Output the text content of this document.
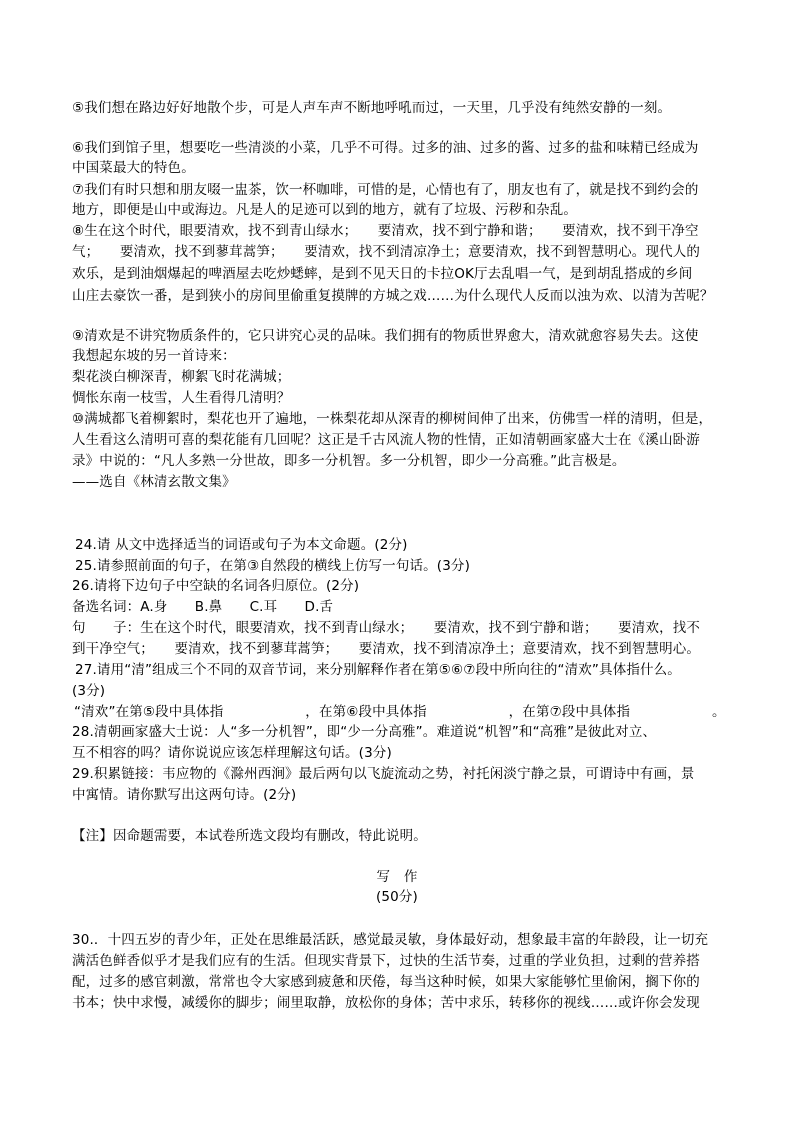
⑤我们想在路边好好地散个步，可是人声车声不断地呼吼而过，一天里，几乎没有纯然安静的一刻。
⑥我们到馆子里，想要吃一些清淡的小菜，几乎不可得。过多的油、过多的酱、过多的盐和味精已经成为
中国菜最大的特色。
⑦我们有时只想和朋友啜一盅茶，饮一杯咖啡，可惜的是，心情也有了，朋友也有了，就是找不到约会的
地方，即便是山中或海边。凡是人的足迹可以到的地方，就有了垃圾、污秽和杂乱。
⑧生在这个时代，眼要清欢，找不到青山绿水；　　要清欢，找不到宁静和谐；　　要清欢，找不到干净空
气；　　要清欢，找不到蓼茸蒿笋；　　要清欢，找不到清凉净土；意要清欢，找不到智慧明心。现代人的
欢乐，是到油烟爆起的啤酒屋去吃炒蟋蟀，是到不见天日的卡拉OK厅去乱唱一气，是到胡乱搭成的乡间
山庄去豪饮一番，是到狭小的房间里偷重复摸牌的方城之戏……为什么现代人反而以浊为欢、以清为苦呢？
⑨清欢是不讲究物质条件的，它只讲究心灵的品味。我们拥有的物质世界愈大，清欢就愈容易失去。这使
我想起东坡的另一首诗来：
梨花淡白柳深青，柳絮飞时花满城；
惆怅东南一枝雪，人生看得几清明？
⑩满城都飞着柳絮时，梨花也开了遍地，一株梨花却从深青的柳树间伸了出来，仿佛雪一样的清明，但是，
人生看这么清明可喜的梨花能有几回呢？这正是千古风流人物的性情，正如清朝画家盛大士在《溪山卧游
录》中说的：“凡人多熟一分世故，即多一分机智。多一分机智，即少一分高雅。”此言极是。
——选自《林清玄散文集》
24.请 从文中选择适当的词语或句子为本文命题。(2分)
25.请参照前面的句子，在第③自然段的横线上仿写一句话。(3分)
26.请将下边句子中空缺的名词各归原位。(2分)
备选名词：A.身　　B.鼻　　C.耳　　D.舌
句　　子：生在这个时代，眼要清欢，找不到青山绿水；　　要清欢，找不到宁静和谐；　　要清欢，找不
到干净空气；　　要清欢，找不到蓼茸蒿笋；　　要清欢，找不到清凉净土；意要清欢，找不到智慧明心。
27.请用“清”组成三个不同的双音节词，来分别解释作者在第⑤⑥⑦段中所向往的“清欢”具体指什么。
(3分)
“清欢”在第⑤段中具体指　　　　　　，在第⑥段中具体指　　　　　　，在第⑦段中具体指　　　　　　。
28.清朝画家盛大士说：人“多一分机智”，即“少一分高雅”。难道说“机智”和“高雅”是彼此对立、
互不相容的吗？请你说说应该怎样理解这句话。(3分)
29.积累链接：韦应物的《滁州西涧》最后两句以飞旋流动之势，衬托闲淡宁静之景，可谓诗中有画，景
中寓情。请你默写出这两句诗。(2分)
【注】因命题需要，本试卷所选文段均有删改，特此说明。
写　作
(50分)
30.．十四五岁的青少年，正处在思维最活跃，感觉最灵敏，身体最好动，想象最丰富的年龄段，让一切充
满活色鲜香似乎才是我们应有的生活。但现实背景下，过快的生活节奏，过重的学业负担，过剩的营养搭
配，过多的感官刺激，常常也令大家感到疲惫和厌倦，每当这种时候，如果大家能够忙里偷闲，搁下你的
书本；快中求慢，减缓你的脚步；闹里取静，放松你的身体；苦中求乐，转移你的视线……或许你会发现
